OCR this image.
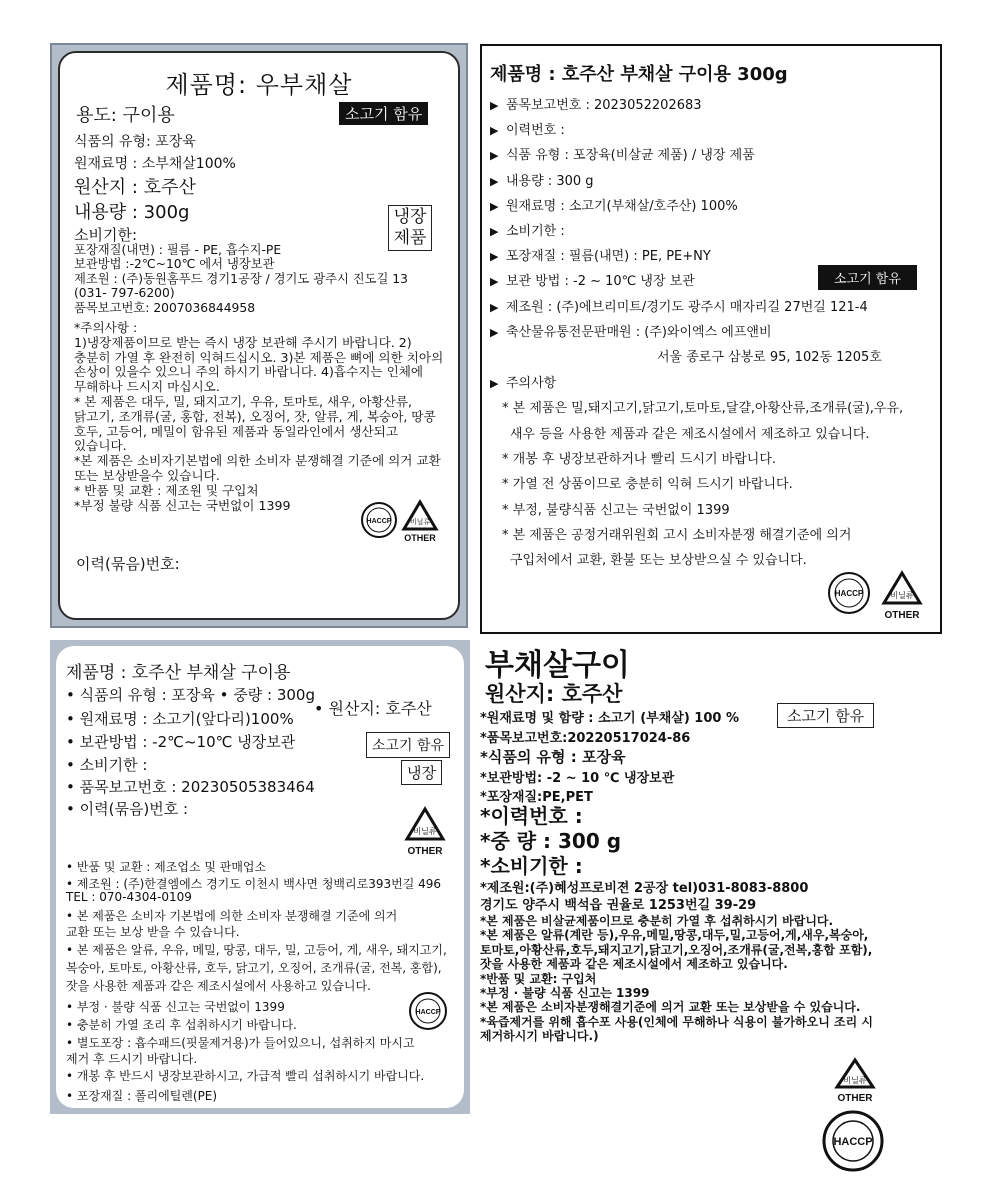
제품명: 우부채살
용도: 구이용	소고기 함유
식품의 유형: 포장육
원재료명 : 소부채살100%
원산지 : 호주산
내용량 : 300g
소비기한:
냉장
제품
포장재질(내면) : 필름 - PE, 흡수지-PE
보관방법 :-2℃~10℃ 에서 냉장보관
제조원 : (주)동원홈푸드 경기1공장 / 경기도 광주시 진도길 13
(031- 797-6200)
품목보고번호: 2007036844958
*주의사항 :
1)냉장제품이므로 받는 즉시 냉장 보관해 주시기 바랍니다. 2)
충분히 가열 후 완전히 익혀드십시오. 3)본 제품은 뼈에 의한 치아의
손상이 있을수 있으니 주의 하시기 바랍니다. 4)흡수지는 인체에
무해하나 드시지 마십시오.
* 본 제품은 대두, 밀, 돼지고기, 우유, 토마토, 새우, 아황산류,
닭고기, 조개류(굴, 홍합, 전복), 오징어, 잣, 알류, 게, 복숭아, 땅콩
호두, 고등어, 메밀이 함유된 제품과 동일라인에서 생산되고
있습니다.
*본 제품은 소비자기본법에 의한 소비자 분쟁해결 기준에 의거 교환
또는 보상받을수 있습니다.
* 반품 및 교환 : 제조원 및 구입처
*부정 불량 식품 신고는 국번없이 1399
HACCP	비닐류
OTHER
이력(묶음)번호:
제품명 : 호주산 부채살 구이용 300g
▶ 품목보고번호 : 2023052202683
▶ 이력번호 :
▶ 식품 유형 : 포장육(비살균 제품) / 냉장 제품
▶ 내용량 : 300 g
▶ 원재료명 : 소고기(부채살/호주산) 100%
▶ 소비기한 :
▶ 포장재질 : 필름(내면) : PE, PE+NY
▶ 보관 방법 : -2 ~ 10℃ 냉장 보관	소고기 함유
▶ 제조원 : (주)에브리미트/경기도 광주시 매자리길 27번길 121-4
▶ 축산물유통전문판매원 : (주)와이엑스 에프앤비
서울 종로구 삼봉로 95, 102동 1205호
▶ 주의사항
* 본 제품은 밀,돼지고기,닭고기,토마토,달걀,아황산류,조개류(굴),우유,
새우 등을 사용한 제품과 같은 제조시설에서 제조하고 있습니다.
* 개봉 후 냉장보관하거나 빨리 드시기 바랍니다.
* 가열 전 상품이므로 충분히 익혀 드시기 바랍니다.
* 부정, 불량식품 신고는 국번없이 1399
* 본 제품은 공정거래위원회 고시 소비자분쟁 해결기준에 의거
구입처에서 교환, 환불 또는 보상받으실 수 있습니다.
HACCP	비닐류
OTHER
제품명 : 호주산 부채살 구이용
• 식품의 유형 : 포장육 • 중량 : 300g
• 원산지: 호주산
• 원재료명 : 소고기(앞다리)100%
• 보관방법 : -2℃~10℃ 냉장보관	소고기 함유
• 소비기한 :	냉장
• 품목보고번호 : 20230505383464
• 이력(묶음)번호 :
비닐류
OTHER
• 반품 및 교환 : 제조업소 및 판매업소
• 제조원 : (주)한결엠에스 경기도 이천시 백사면 청백리로393번길 496
TEL : 070-4304-0109
• 본 제품은 소비자 기본법에 의한 소비자 분쟁해결 기준에 의거
교환 또는 보상 받을 수 있습니다.
• 본 제품은 알류, 우유, 메밀, 땅콩, 대두, 밀, 고등어, 게, 새우, 돼지고기,
복숭아, 토마토, 아황산류, 호두, 닭고기, 오징어, 조개류(굴, 전복, 홍합),
잣을 사용한 제품과 같은 제조시설에서 사용하고 있습니다.
• 부정 · 불량 식품 신고는 국번없이 1399
• 충분히 가열 조리 후 섭취하시기 바랍니다.
• 별도포장 : 흡수패드(핏물제거용)가 들어있으니, 섭취하지 마시고
제거 후 드시기 바랍니다.
• 개봉 후 반드시 냉장보관하시고, 가급적 빨리 섭취하시기 바랍니다.
• 포장재질 : 폴리에틸렌(PE)
HACCP
부채살구이
원산지: 호주산
소고기 함유
*원재료명 및 함량 : 소고기 (부채살) 100 %
*품목보고번호:20220517024-86
*식품의 유형 : 포장육
*보관방법: -2 ~ 10 ℃ 냉장보관
*포장재질:PE,PET
*이력번호 :
*중 량 : 300 g
*소비기한 :
*제조원:(주)혜성프로비젼 2공장 tel)031-8083-8800
경기도 양주시 백석읍 권율로 1253번길 39-29
*본 제품은 비살균제품이므로 충분히 가열 후 섭취하시기 바랍니다.
*본 제품은 알류(계란 등),우유,메밀,땅콩,대두,밀,고등어,게,새우,복숭아,
토마토,아황산류,호두,돼지고기,닭고기,오징어,조개류(굴,전복,홍합 포함),
잣을 사용한 제품과 같은 제조시설에서 제조하고 있습니다.
*반품 및 교환: 구입처
*부정 · 불량 식품 신고는 1399
*본 제품은 소비자분쟁해결기준에 의거 교환 또는 보상받을 수 있습니다.
*육즙제거를 위해 흡수포 사용(인체에 무해하나 식용이 불가하오니 조리 시
제거하시기 바랍니다.)
비닐류
OTHER
HACCP
